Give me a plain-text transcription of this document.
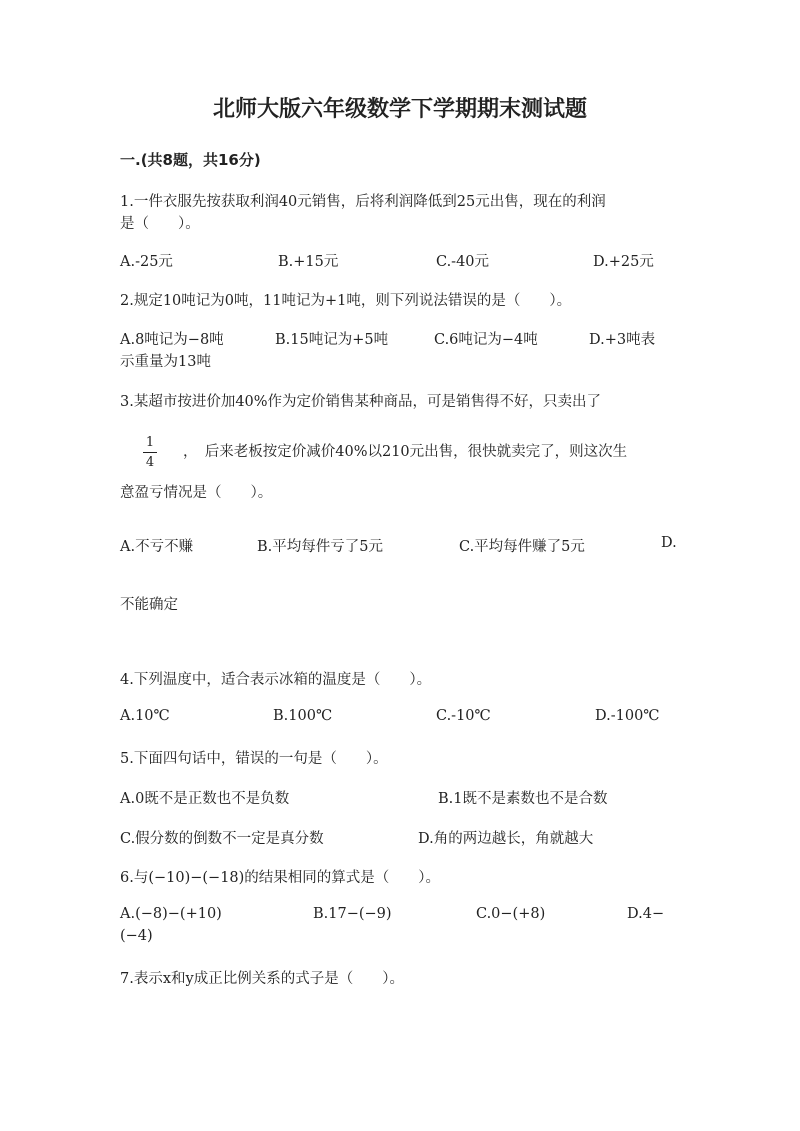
北师大版六年级数学下学期期末测试题
一.(共8题，共16分)
1.一件衣服先按获取利润40元销售，后将利润降低到25元出售，现在的利润
是（　　）。
A.-25元	B.+15元	C.-40元	D.+25元
2.规定10吨记为0吨，11吨记为+1吨，则下列说法错误的是（　　）。
A.8吨记为−8吨	B.15吨记为+5吨	C.6吨记为−4吨	D.+3吨表
示重量为13吨
3.某超市按进价加40%作为定价销售某种商品，可是销售得不好，只卖出了
1
4
，　后来老板按定价减价40%以210元出售，很快就卖完了，则这次生
意盈亏情况是（　　）。
A.不亏不赚	B.平均每件亏了5元	C.平均每件赚了5元	D.
不能确定
4.下列温度中，适合表示冰箱的温度是（　　）。
A.10℃	B.100℃	C.-10℃	D.-100℃
5.下面四句话中，错误的一句是（　　）。
A.0既不是正数也不是负数	B.1既不是素数也不是合数
C.假分数的倒数不一定是真分数	D.角的两边越长，角就越大
6.与(−10)−(−18)的结果相同的算式是（　　）。
A.(−8)−(+10)	B.17−(−9)	C.0−(+8)	D.4−
(−4)
7.表示x和y成正比例关系的式子是（　　）。
